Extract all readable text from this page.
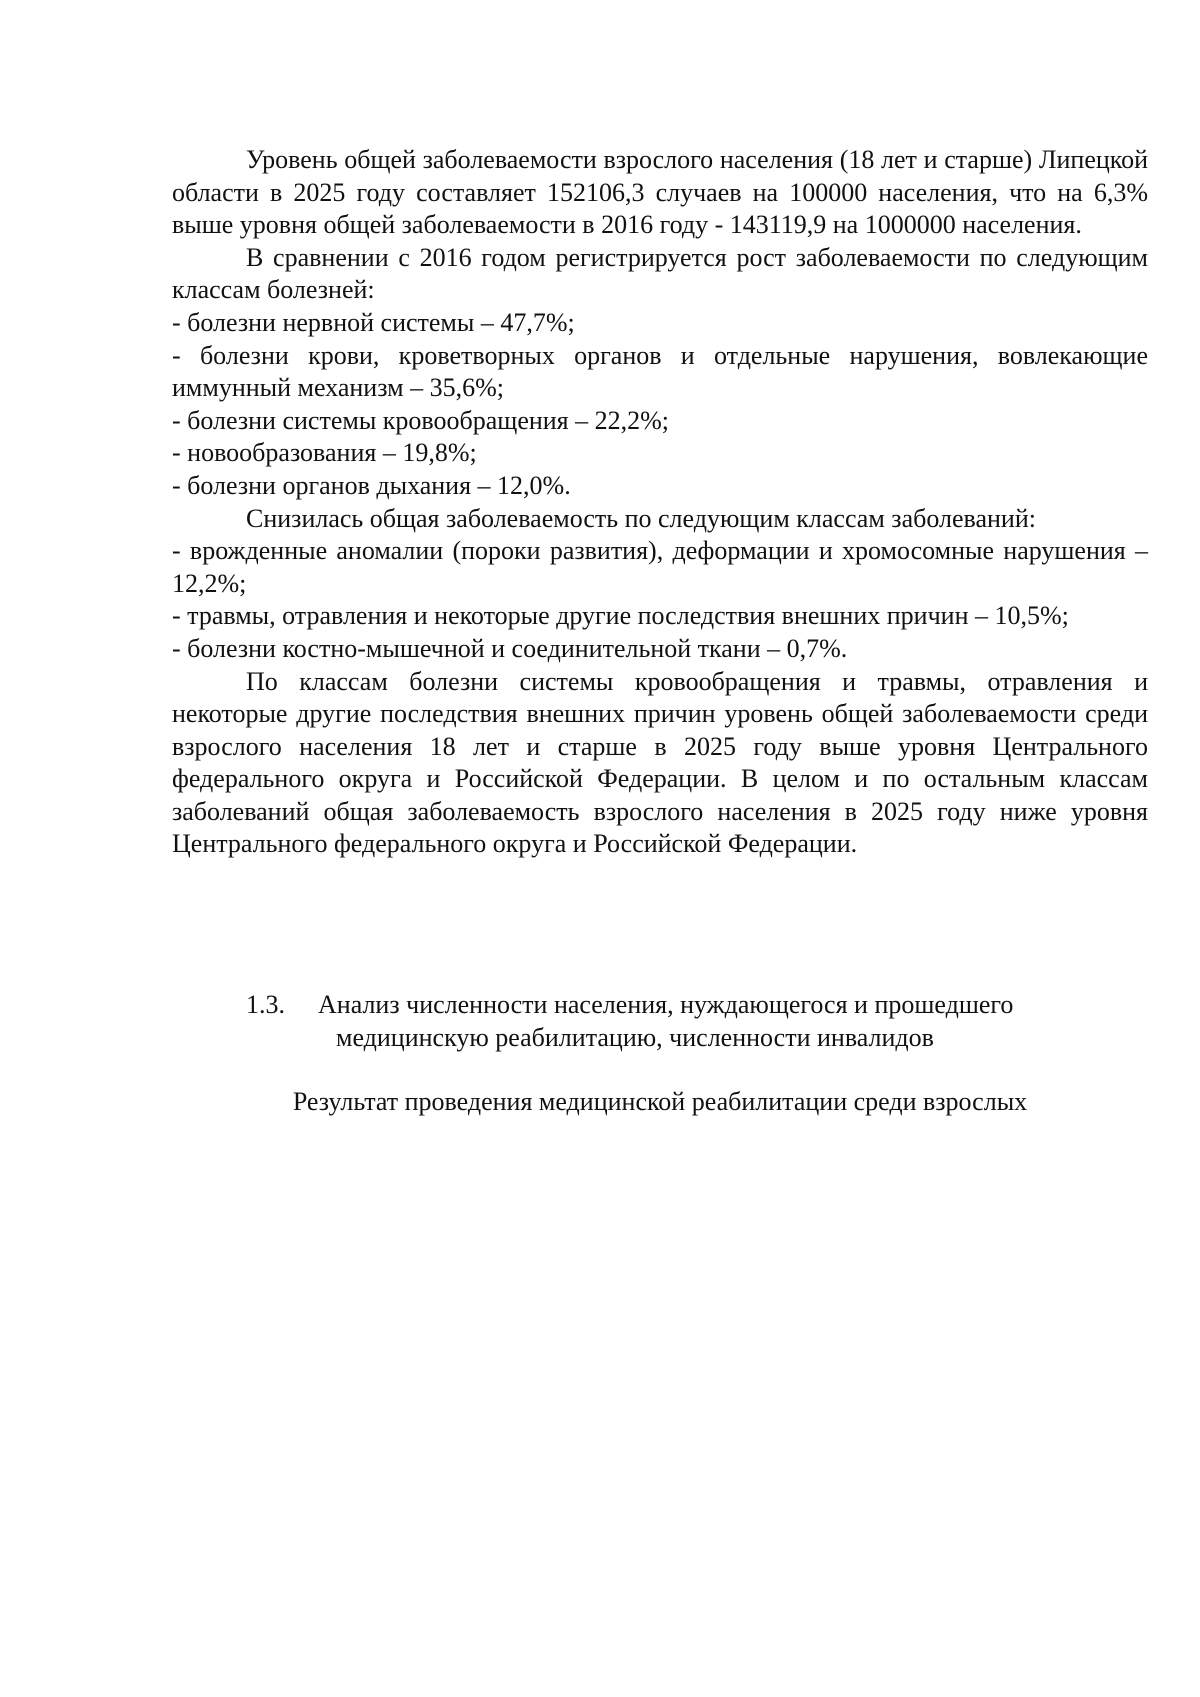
Уровень общей заболеваемости взрослого населения (18 лет и старше) Липецкой области в 2025 году составляет 152106,3 случаев на 100000 населения, что на 6,3% выше уровня общей заболеваемости в 2016 году - 143119,9 на 1000000 населения.

В сравнении с 2016 годом регистрируется рост заболеваемости по следующим классам болезней:

- болезни нервной системы – 47,7%;

- болезни крови, кроветворных органов и отдельные нарушения, вовлекающие иммунный механизм – 35,6%;

- болезни системы кровообращения – 22,2%;

- новообразования – 19,8%;

- болезни органов дыхания – 12,0%.

Снизилась общая заболеваемость по следующим классам заболеваний:

- врожденные аномалии (пороки развития), деформации и хромосомные нарушения – 12,2%;

- травмы, отравления и некоторые другие последствия внешних причин – 10,5%;

- болезни костно-мышечной и соединительной ткани – 0,7%.

По классам болезни системы кровообращения и травмы, отравления и некоторые другие последствия внешних причин уровень общей заболеваемости среди взрослого населения 18 лет и старше в 2025 году выше уровня Центрального федерального округа и Российской Федерации. В целом и по остальным классам заболеваний общая заболеваемость взрослого населения в 2025 году ниже уровня Центрального федерального округа и Российской Федерации.

1.3. Анализ численности населения, нуждающегося и прошедшего
медицинскую реабилитацию, численности инвалидов
Результат проведения медицинской реабилитации среди взрослых
